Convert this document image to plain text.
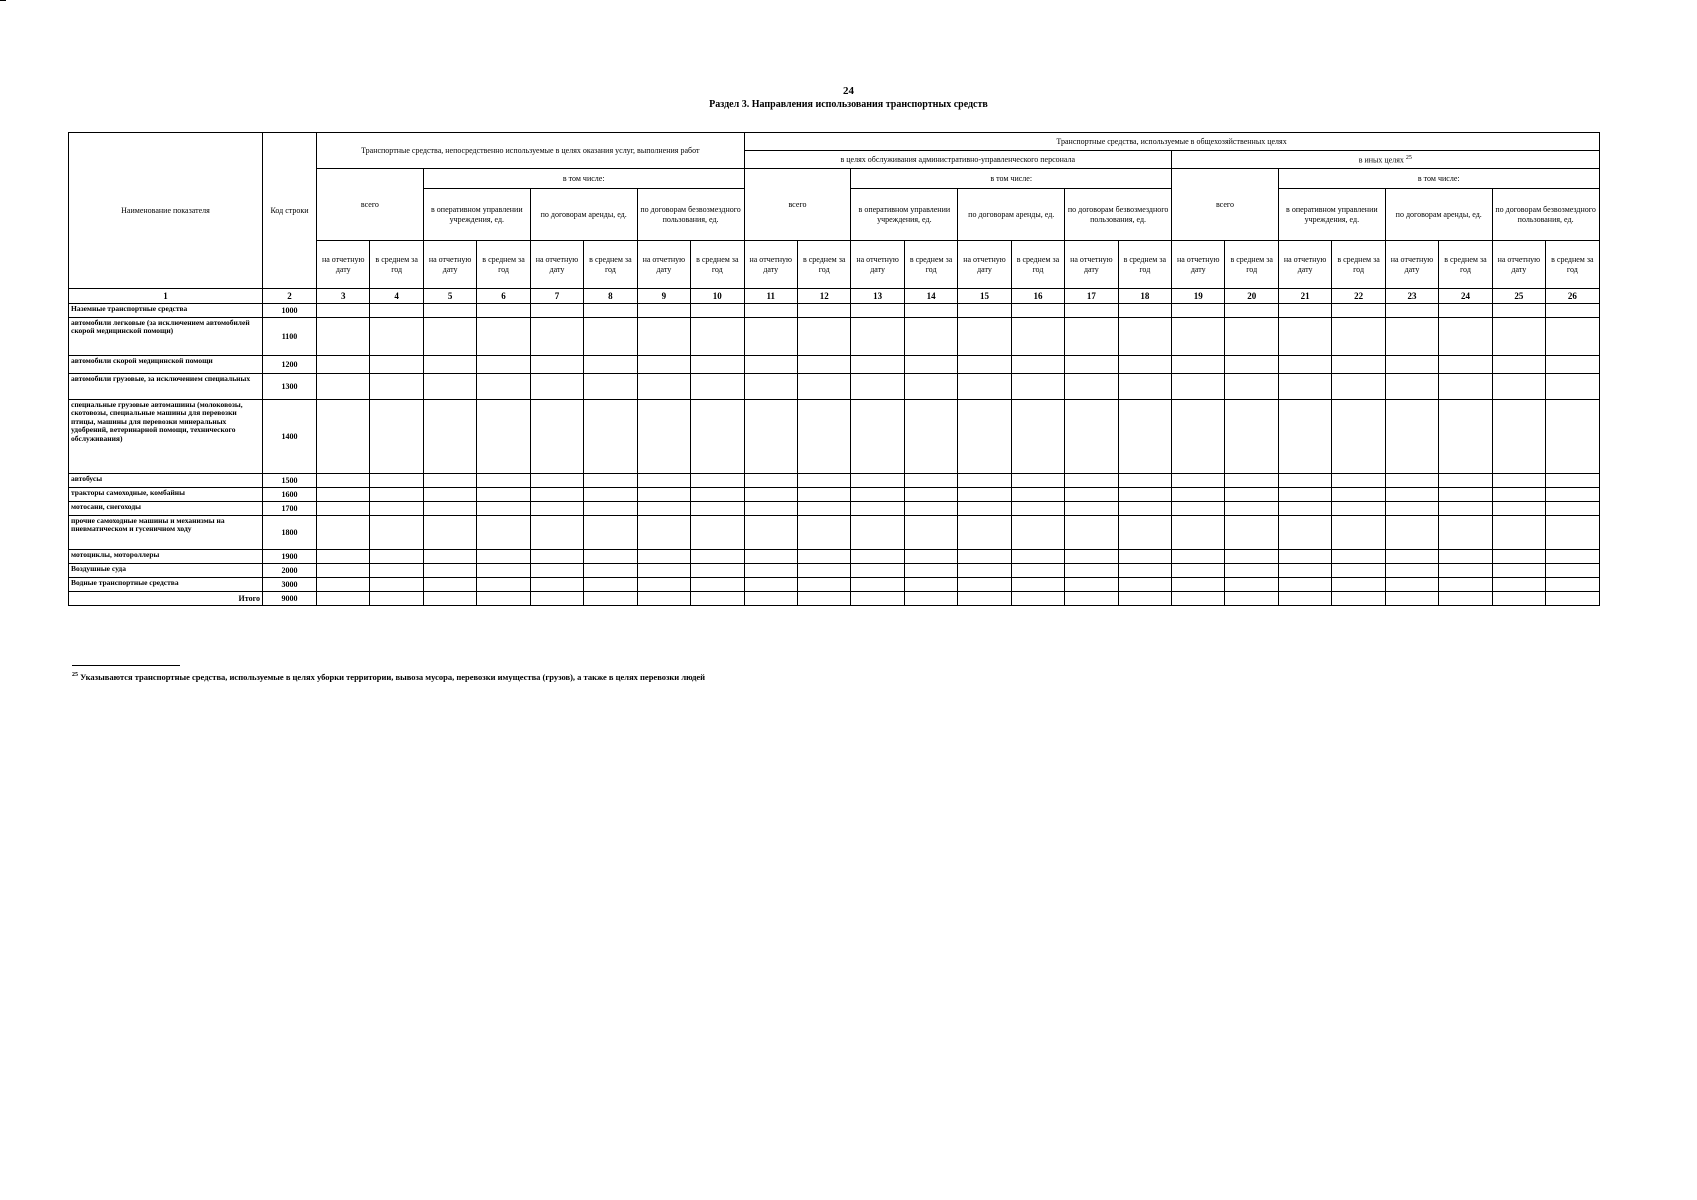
24
Раздел 3. Направления использования транспортных средств
Наименование показателя	Код строки	Транспортные средства, непосредственно используемые в целях оказания услуг, выполнения работ								Транспортные средства, используемые в общехозяйственных целях															
										в целях обслуживания административно-управленческого персонала								в иных целях $^{25}$
		всего		в том числе:						всего		в том числе:						всего		в том числе:					
				в оперативном управлении учреждения, ед.		по договорам аренды, ед.		по договорам безвозмездного пользования, ед.				в оперативном управлении учреждения, ед.		по договорам аренды, ед.		по договорам безвозмездного пользования, ед.				в оперативном управлении учреждения, ед.		по договорам аренды, ед.		по договорам безвозмездного пользования, ед.	
		на отчетную дату	в среднем за год	на отчетную дату	в среднем за год	на отчетную дату	в среднем за год	на отчетную дату	в среднем за год	на отчетную дату	в среднем за год	на отчетную дату	в среднем за год	на отчетную дату	в среднем за год	на отчетную дату	в среднем за год	на отчетную дату	в среднем за год	на отчетную дату	в среднем за год	на отчетную дату	в среднем за год	на отчетную дату	в среднем за год
1	2	3	4	5	6	7	8	9	10	11	12	13	14	15	16	17	18	19	20	21	22	23	24	25	26
Наземные транспортные средства	1000																								
автомобили легковые (за исключением автомобилей скорой медицинской помощи)	1100																								
автомобили скорой медицинской помощи	1200																								
автомобили грузовые, за исключением специальных	1300																								
специальные грузовые автомашины (молоковозы, скотовозы, специальные машины для перевозки птицы, машины для перевозки минеральных удобрений, ветеринарной помощи, технического обслуживания)	1400																								
автобусы	1500																								
тракторы самоходные, комбайны	1600																								
мотосани, снегоходы	1700																								
прочие самоходные машины и механизмы на пневматическом и гусеничном ходу	1800																								
мотоциклы, мотороллеры	1900																								
Воздушные суда	2000																								
Водные транспортные средства	3000																								
Итого	9000																								
$^{25}$ Указываются транспортные средства, используемые в целях уборки территории, вывоза мусора, перевозки имущества (грузов), а также в целях перевозки людей
